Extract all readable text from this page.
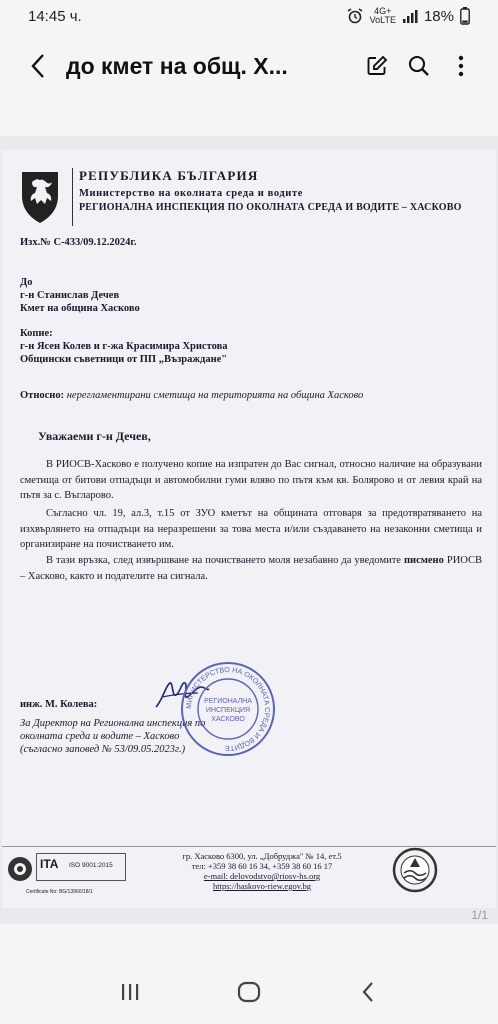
14:45 ч.	4G+
VoLTE 18%
до кмет на общ. Х...
РЕПУБЛИКА БЪЛГАРИЯ
Министерство на околната среда и водите
РЕГИОНАЛНА ИНСПЕКЦИЯ ПО ОКОЛНАТА СРЕДА И ВОДИТЕ – ХАСКОВО
Изх.№ С-433/09.12.2024г.
До
г-н Станислав Дечев
Кмет на община Хасково
Копие:
г-н Ясен Колев и г-жа Красимира Христова
Общински съветници от ПП „Възраждане"
Относно: нерегламентирани сметища на територията на община Хасково
Уважаеми г-н Дечев,
В РИОСВ-Хасково е получено копие на изпратен до Вас сигнал, относно наличие на образувани сметища от битови отпадъци и автомобилни гуми вляво по пътя към кв. Болярово и от левия край на пътя за с. Въгларово.
Съгласно чл. 19, ал.3, т.15 от ЗУО кметът на общината отговаря за предотвратяването на изхвърлянето на отпадъци на неразрешени за това места и/или създаването на незаконни сметища и организиране на почистването им.
В тази връзка, след извършване на почистването моля незабавно да уведомите писмено РИОСВ – Хасково, както и подателите на сигнала.
инж. М. Колева:
За Директор на Регионална инспекция по
околната среда и водите – Хасково
(съгласно заповед № 53/09.05.2023г.)
МИНИСТЕРСТВО НА ОКОЛНАТА СРЕДА И ВОДИТЕ
РЕГИОНАЛНА
ИНСПЕКЦИЯ
ХАСКОВО
ITA ISO 9001:2015
Certificate No: BG/13960/18/1
гр. Хасково 6300, ул. „Добруджа" № 14, ет.5
тел: +359 38 60 16 34, +359 38 60 16 17
e-mail: delovodstvo@riosv-hs.org
https://haskovo-riew.egov.bg
1/1
